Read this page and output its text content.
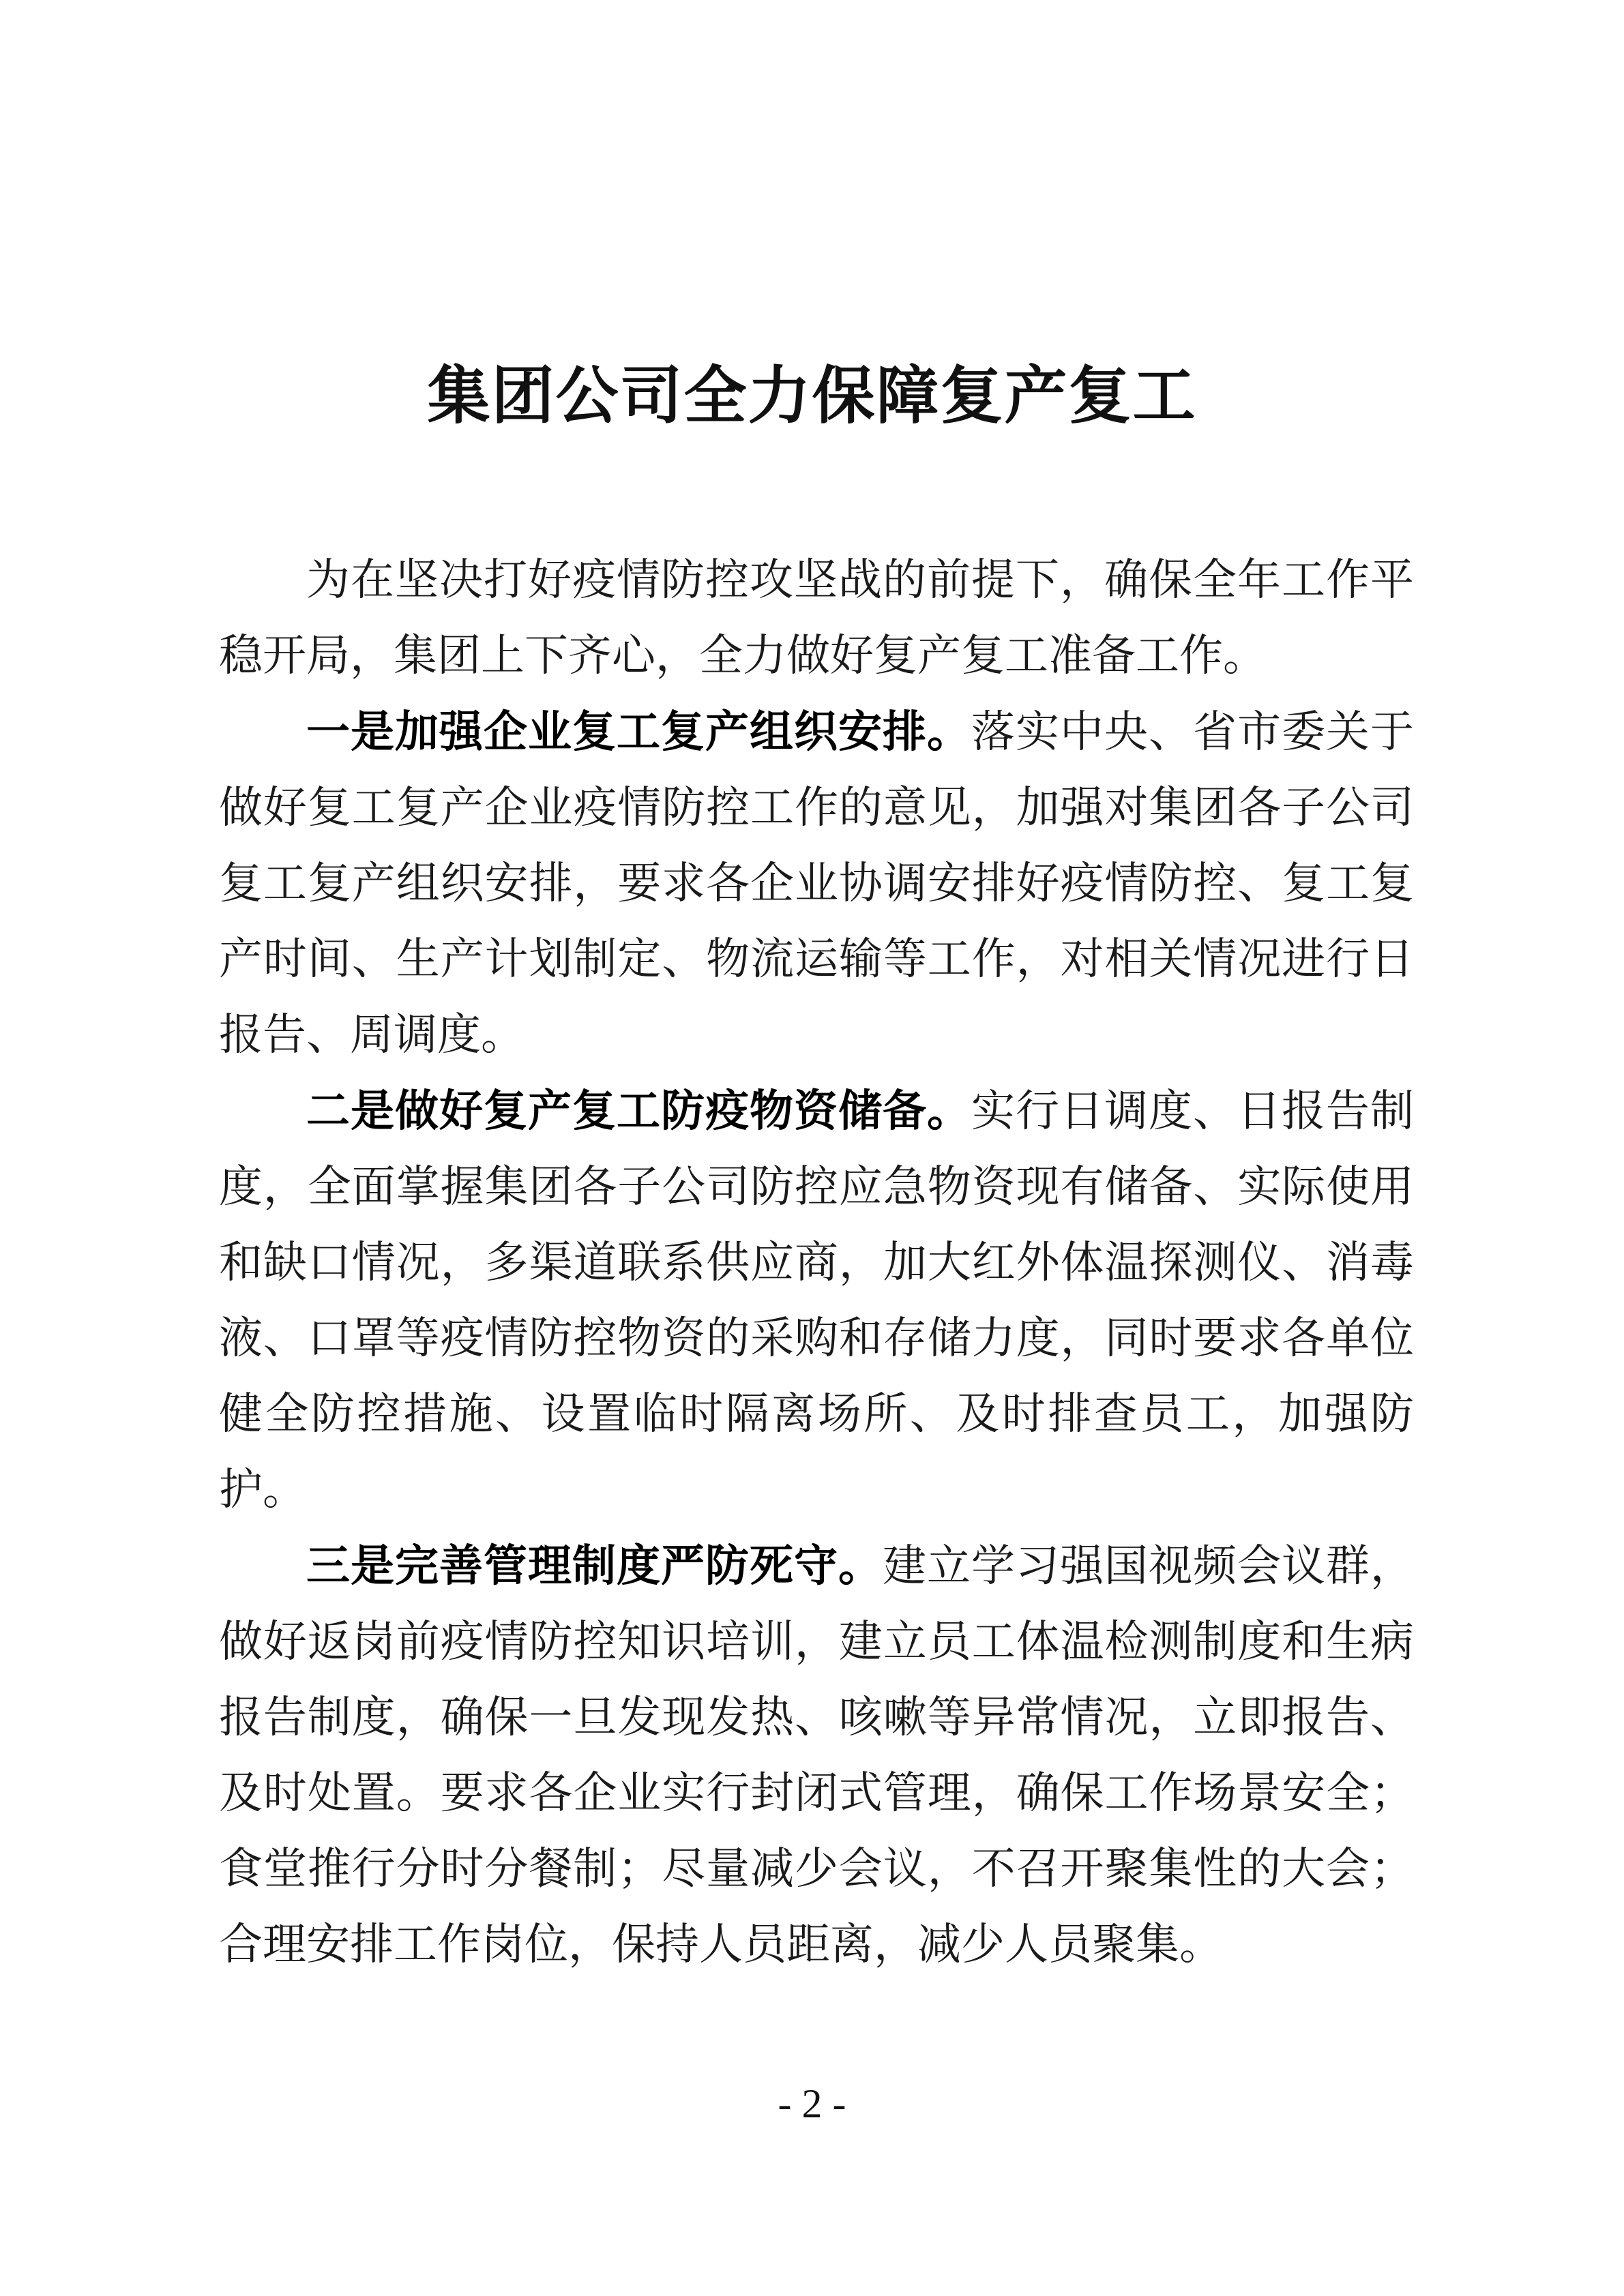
集团公司全力保障复产复工

为在坚决打好疫情防控攻坚战的前提下，确保全年工作平稳开局，集团上下齐心，全力做好复产复工准备工作。

一是加强企业复工复产组织安排。落实中央、省市委关于做好复工复产企业疫情防控工作的意见，加强对集团各子公司复工复产组织安排，要求各企业协调安排好疫情防控、复工复产时间、生产计划制定、物流运输等工作，对相关情况进行日报告、周调度。

二是做好复产复工防疫物资储备。实行日调度、日报告制度，全面掌握集团各子公司防控应急物资现有储备、实际使用和缺口情况，多渠道联系供应商，加大红外体温探测仪、消毒液、口罩等疫情防控物资的采购和存储力度，同时要求各单位健全防控措施、设置临时隔离场所、及时排查员工，加强防护。

三是完善管理制度严防死守。建立学习强国视频会议群，做好返岗前疫情防控知识培训，建立员工体温检测制度和生病报告制度，确保一旦发现发热、咳嗽等异常情况，立即报告、及时处置。要求各企业实行封闭式管理，确保工作场景安全；食堂推行分时分餐制；尽量减少会议，不召开聚集性的大会；合理安排工作岗位，保持人员距离，减少人员聚集。

- 2 -
